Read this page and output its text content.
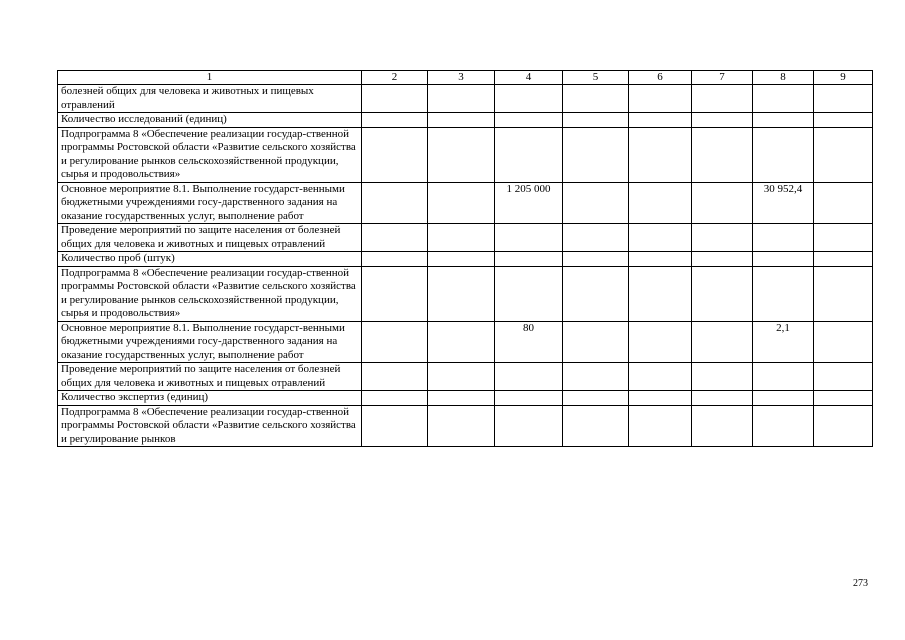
1	2	3	4	5	6	7	8	9
болезней общих для человека и животных и пищевых отравлений								
Количество исследований (единиц)								
Подпрограмма 8 «Обеспечение реализации государ-ственной программы Ростовской области «Развитие сельского хозяйства и регулирование рынков сельскохозяйственной продукции, сырья и продовольствия»								
Основное мероприятие 8.1. Выполнение государст-венными бюджетными учреждениями госу-дарственного задания на оказание государственных услуг, выполнение работ			1 205 000				30 952,4	
Проведение мероприятий по защите населения от болезней общих для человека и животных и пищевых отравлений								
Количество проб (штук)								
Подпрограмма 8 «Обеспечение реализации государ-ственной программы Ростовской области «Развитие сельского хозяйства и регулирование рынков сельскохозяйственной продукции, сырья и продовольствия»								
Основное мероприятие 8.1. Выполнение государст-венными бюджетными учреждениями госу-дарственного задания на оказание государственных услуг, выполнение работ			80				2,1	
Проведение мероприятий по защите населения от болезней общих для человека и животных и пищевых отравлений								
Количество экспертиз (единиц)								
Подпрограмма 8 «Обеспечение реализации государ-ственной программы Ростовской области «Развитие сельского хозяйства и регулирование рынков								
273
